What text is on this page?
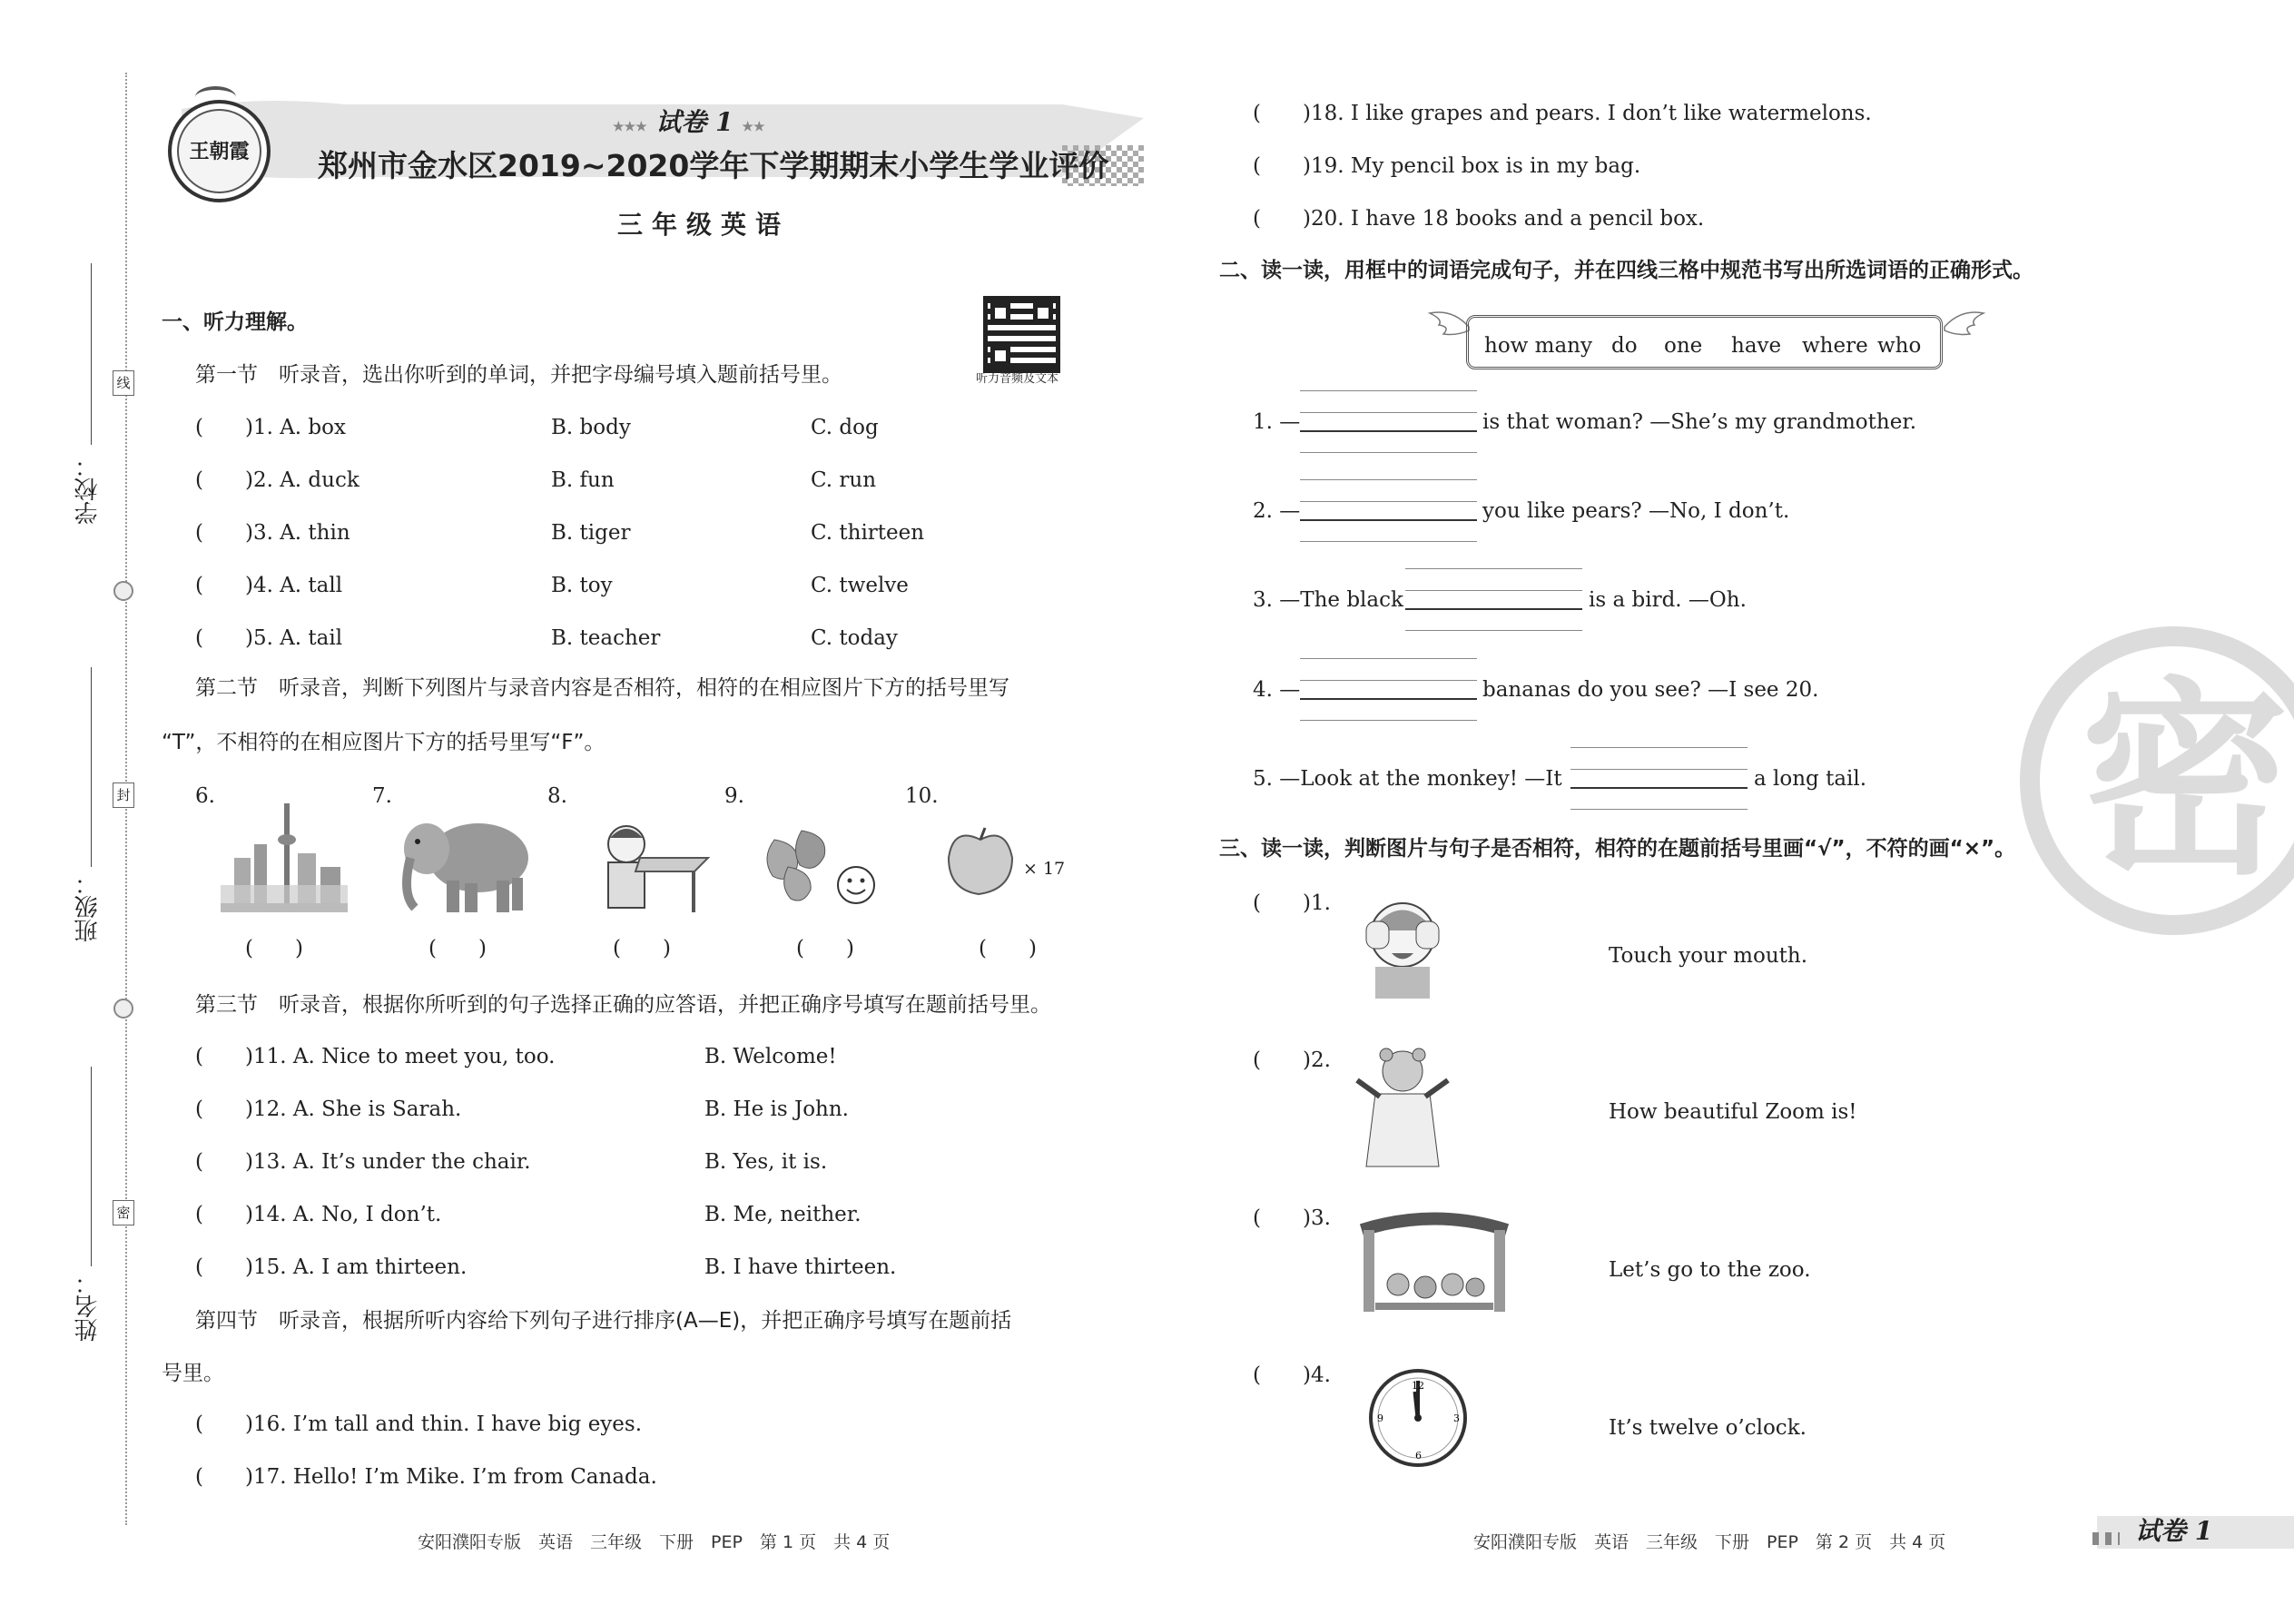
学校：
班级：
姓名：
线
封
密
王朝霞
★★★ 试卷 1 ★★
郑州市金水区2019~2020学年下学期期末小学生学业评价
三年级英语
听力音频及文本
一、听力理解。
第一节　听录音，选出你听到的单词，并把字母编号填入题前括号里。
(　　)1. A. box	B. body	C. dog
(　　)2. A. duck	B. fun	C. run
(　　)3. A. thin	B. tiger	C. thirteen
(　　)4. A. tall	B. toy	C. twelve
(　　)5. A. tail	B. teacher	C. today
第二节　听录音，判断下列图片与录音内容是否相符，相符的在相应图片下方的括号里写
“T”，不相符的在相应图片下方的括号里写“F”。
6.	7.	8.	9.	10.
× 17
(　　)	(　　)	(　　)	(　　)	(　　)
第三节　听录音，根据你所听到的句子选择正确的应答语，并把正确序号填写在题前括号里。
(　　)11. A. Nice to meet you, too.	B. Welcome!
(　　)12. A. She is Sarah.	B. He is John.
(　　)13. A. It’s under the chair.	B. Yes, it is.
(　　)14. A. No, I don’t.	B. Me, neither.
(　　)15. A. I am thirteen.	B. I have thirteen.
第四节　听录音，根据所听内容给下列句子进行排序(A—E)，并把正确序号填写在题前括
号里。
(　　)16. I’m tall and thin. I have big eyes.
(　　)17. Hello! I’m Mike. I’m from Canada.
安阳濮阳专版　英语　三年级　下册　PEP　第 1 页　共 4 页
(　　)18. I like grapes and pears. I don’t like watermelons.
(　　)19. My pencil box is in my bag.
(　　)20. I have 18 books and a pencil box.
二、读一读，用框中的词语完成句子，并在四线三格中规范书写出所选词语的正确形式。
how many do one have where who
1. —	is that woman? —She’s my grandmother.
2. —	you like pears? —No, I don’t.
3. —The black	is a bird. —Oh.
4. —	bananas do you see? —I see 20.
5. —Look at the monkey! —It	a long tail. 密
三、读一读，判断图片与句子是否相符，相符的在题前括号里画“√”，不符的画“×”。
(　　)1.
Touch your mouth.
(　　)2.
How beautiful Zoom is!
(　　)3.
Let’s go to the zoo.
(　　)4.	12
3
6
9	It’s twelve o’clock.
安阳濮阳专版　英语　三年级　下册　PEP　第 2 页　共 4 页	试卷 1
